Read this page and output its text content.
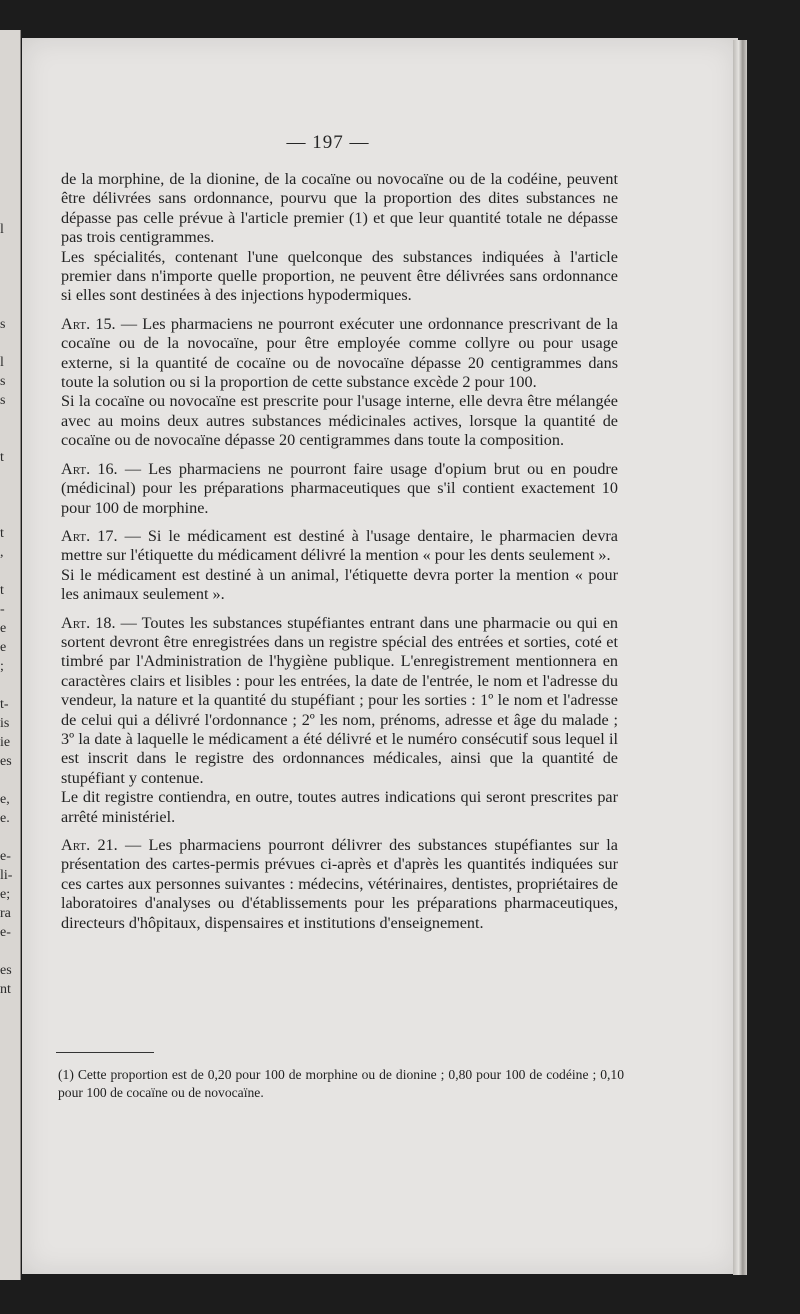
l

s

l
s
s

t

t
,

t
-
e
e
;

t-
is
ie
es

e,
e.

e-
li-
e;
ra
e-

es
nt
— 197 —

de la morphine, de la dionine, de la cocaïne ou novocaïne ou de la codéine, peuvent être délivrées sans ordonnance, pourvu que la proportion des dites substances ne dépasse pas celle prévue à l'article premier (1) et que leur quantité totale ne dépasse pas trois centigrammes.

Les spécialités, contenant l'une quelconque des substances indiquées à l'article premier dans n'importe quelle proportion, ne peuvent être délivrées sans ordonnance si elles sont destinées à des injections hypodermiques.

Art. 15. — Les pharmaciens ne pourront exécuter une ordonnance prescrivant de la cocaïne ou de la novocaïne, pour être employée comme collyre ou pour usage externe, si la quantité de cocaïne ou de novocaïne dépasse 20 centigrammes dans toute la solution ou si la proportion de cette substance excède 2 pour 100.

Si la cocaïne ou novocaïne est prescrite pour l'usage interne, elle devra être mélangée avec au moins deux autres substances médicinales actives, lorsque la quantité de cocaïne ou de novocaïne dépasse 20 centigrammes dans toute la composition.

Art. 16. — Les pharmaciens ne pourront faire usage d'opium brut ou en poudre (médicinal) pour les préparations pharmaceutiques que s'il contient exactement 10 pour 100 de morphine.

Art. 17. — Si le médicament est destiné à l'usage dentaire, le pharmacien devra mettre sur l'étiquette du médicament délivré la mention « pour les dents seulement ».

Si le médicament est destiné à un animal, l'étiquette devra porter la mention « pour les animaux seulement ».

Art. 18. — Toutes les substances stupéfiantes entrant dans une pharmacie ou qui en sortent devront être enregistrées dans un registre spécial des entrées et sorties, coté et timbré par l'Administration de l'hygiène publique. L'enregistrement mentionnera en caractères clairs et lisibles : pour les entrées, la date de l'entrée, le nom et l'adresse du vendeur, la nature et la quantité du stupéfiant ; pour les sorties : 1º le nom et l'adresse de celui qui a délivré l'ordonnance ; 2º les nom, prénoms, adresse et âge du malade ; 3º la date à laquelle le médicament a été délivré et le numéro consécutif sous lequel il est inscrit dans le registre des ordonnances médicales, ainsi que la quantité de stupéfiant y contenue.

Le dit registre contiendra, en outre, toutes autres indications qui seront prescrites par arrêté ministériel.

Art. 21. — Les pharmaciens pourront délivrer des substances stupéfiantes sur la présentation des cartes-permis prévues ci-après et d'après les quantités indiquées sur ces cartes aux personnes suivantes : médecins, vétérinaires, dentistes, propriétaires de laboratoires d'analyses ou d'établissements pour les préparations pharmaceutiques, directeurs d'hôpitaux, dispensaires et institutions d'enseignement.

(1) Cette proportion est de 0,20 pour 100 de morphine ou de dionine ; 0,80 pour 100 de codéine ; 0,10 pour 100 de cocaïne ou de novocaïne.
